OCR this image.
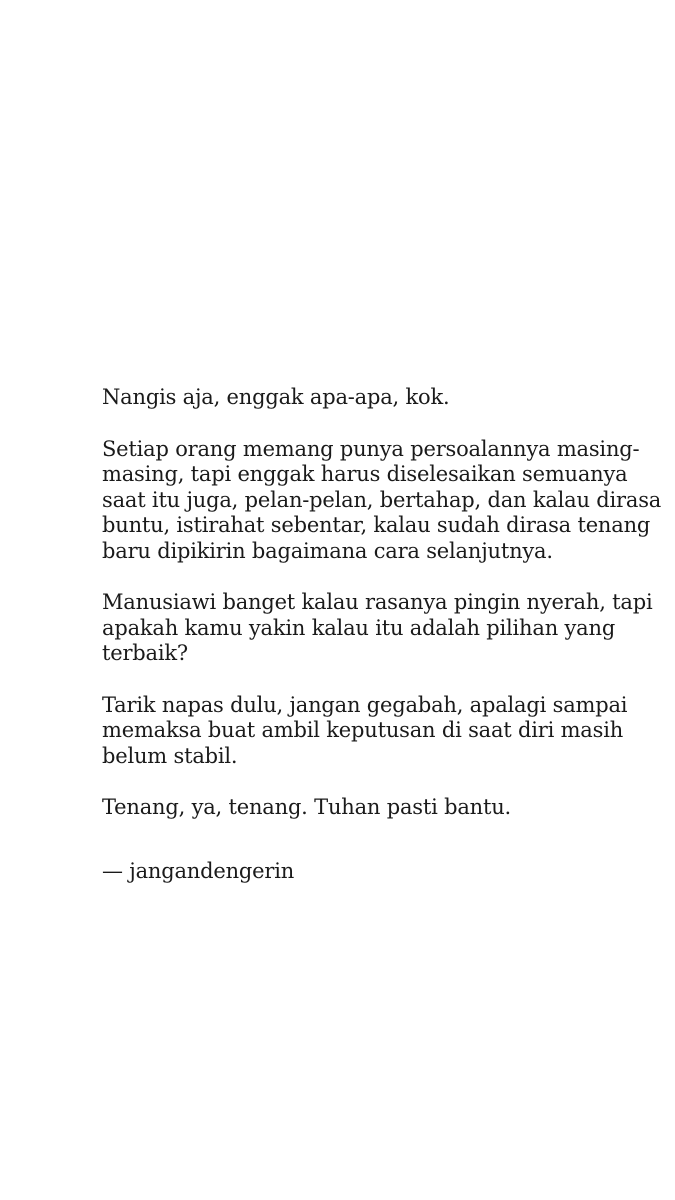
Nangis aja, enggak apa-apa, kok.

Setiap orang memang punya persoalannya masing-
masing, tapi enggak harus diselesaikan semuanya
saat itu juga, pelan-pelan, bertahap, dan kalau dirasa
buntu, istirahat sebentar, kalau sudah dirasa tenang
baru dipikirin bagaimana cara selanjutnya.

Manusiawi banget kalau rasanya pingin nyerah, tapi
apakah kamu yakin kalau itu adalah pilihan yang
terbaik?

Tarik napas dulu, jangan gegabah, apalagi sampai
memaksa buat ambil keputusan di saat diri masih
belum stabil.

Tenang, ya, tenang. Tuhan pasti bantu.

— jangandengerin
